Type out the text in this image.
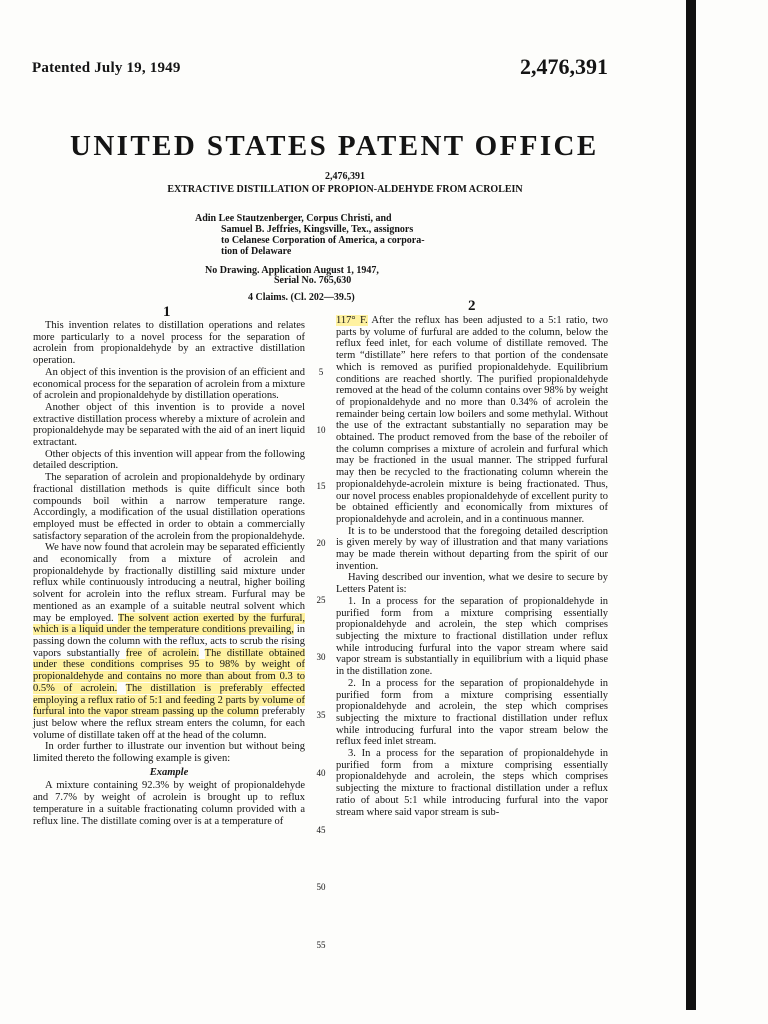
Patented July 19, 1949	2,476,391
UNITED STATES PATENT OFFICE
2,476,391
EXTRACTIVE DISTILLATION OF PROPION-ALDEHYDE FROM ACROLEIN
Adin Lee Stautzenberger, Corpus Christi, and
Samuel B. Jeffries, Kingsville, Tex., assignors
to Celanese Corporation of America, a corpora-
tion of Delaware
No Drawing. Application August 1, 1947,
Serial No. 765,630
4 Claims. (Cl. 202—39.5)
1	2

This invention relates to distillation operations and relates more particularly to a novel process for the separation of acrolein from propionaldehyde by an extractive distillation operation.

An object of this invention is the provision of an efficient and economical process for the separation of acrolein from a mixture of acrolein and propionaldehyde by distillation operations.

Another object of this invention is to provide a novel extractive distillation process whereby a mixture of acrolein and propionaldehyde may be separated with the aid of an inert liquid extractant.

Other objects of this invention will appear from the following detailed description.

The separation of acrolein and propionaldehyde by ordinary fractional distillation methods is quite difficult since both compounds boil within a narrow temperature range. Accordingly, a modification of the usual distillation operations employed must be effected in order to obtain a commercially satisfactory separation of the acrolein from the propionaldehyde.

We have now found that acrolein may be separated efficiently and economically from a mixture of acrolein and propionaldehyde by fractionally distilling said mixture under reflux while continuously introducing a neutral, higher boiling solvent for acrolein into the reflux stream. Furfural may be mentioned as an example of a suitable neutral solvent which may be employed. The solvent action exerted by the furfural, which is a liquid under the temperature conditions prevailing, in passing down the column with the reflux, acts to scrub the rising vapors substantially free of acrolein. The distillate obtained under these conditions comprises 95 to 98% by weight of propionaldehyde and contains no more than about from 0.3 to 0.5% of acrolein. The distillation is preferably effected employing a reflux ratio of 5:1 and feeding 2 parts by volume of furfural into the vapor stream passing up the column preferably just below where the reflux stream enters the column, for each volume of distillate taken off at the head of the column.

In order further to illustrate our invention but without being limited thereto the following example is given:

Example

A mixture containing 92.3% by weight of propionaldehyde and 7.7% by weight of acrolein is brought up to reflux temperature in a suitable fractionating column provided with a reflux line. The distillate coming over is at a temperature of

117° F. After the reflux has been adjusted to a 5:1 ratio, two parts by volume of furfural are added to the column, below the reflux feed inlet, for each volume of distillate removed. The term “distillate” here refers to that portion of the condensate which is removed as purified propionaldehyde. Equilibrium conditions are reached shortly. The purified propionaldehyde removed at the head of the column contains over 98% by weight of propionaldehyde and no more than 0.34% of acrolein the remainder being certain low boilers and some methylal. Without the use of the extractant substantially no separation may be obtained. The product removed from the base of the reboiler of the column comprises a mixture of acrolein and furfural which may be fractioned in the usual manner. The stripped furfural may then be recycled to the fractionating column wherein the propionaldehyde-acrolein mixture is being fractionated. Thus, our novel process enables propionaldehyde of excellent purity to be obtained efficiently and economically from mixtures of propionaldehyde and acrolein, and in a continuous manner.

It is to be understood that the foregoing detailed description is given merely by way of illustration and that many variations may be made therein without departing from the spirit of our invention.

Having described our invention, what we desire to secure by Letters Patent is:

1. In a process for the separation of propionaldehyde in purified form from a mixture comprising essentially propionaldehyde and acrolein, the step which comprises subjecting the mixture to fractional distillation under reflux while introducing furfural into the vapor stream where said vapor stream is substantially in equilibrium with a liquid phase in the distillation zone.

2. In a process for the separation of propionaldehyde in purified form from a mixture comprising essentially propionaldehyde and acrolein, the step which comprises subjecting the mixture to fractional distillation under reflux while introducing furfural into the vapor stream below the reflux feed inlet stream.

3. In a process for the separation of propionaldehyde in purified form from a mixture comprising essentially propionaldehyde and acrolein, the steps which comprises subjecting the mixture to fractional distillation under a reflux ratio of about 5:1 while introducing furfural into the vapor stream where said vapor stream is sub-

5
10
15
20
25
30
35
40
45
50
55
